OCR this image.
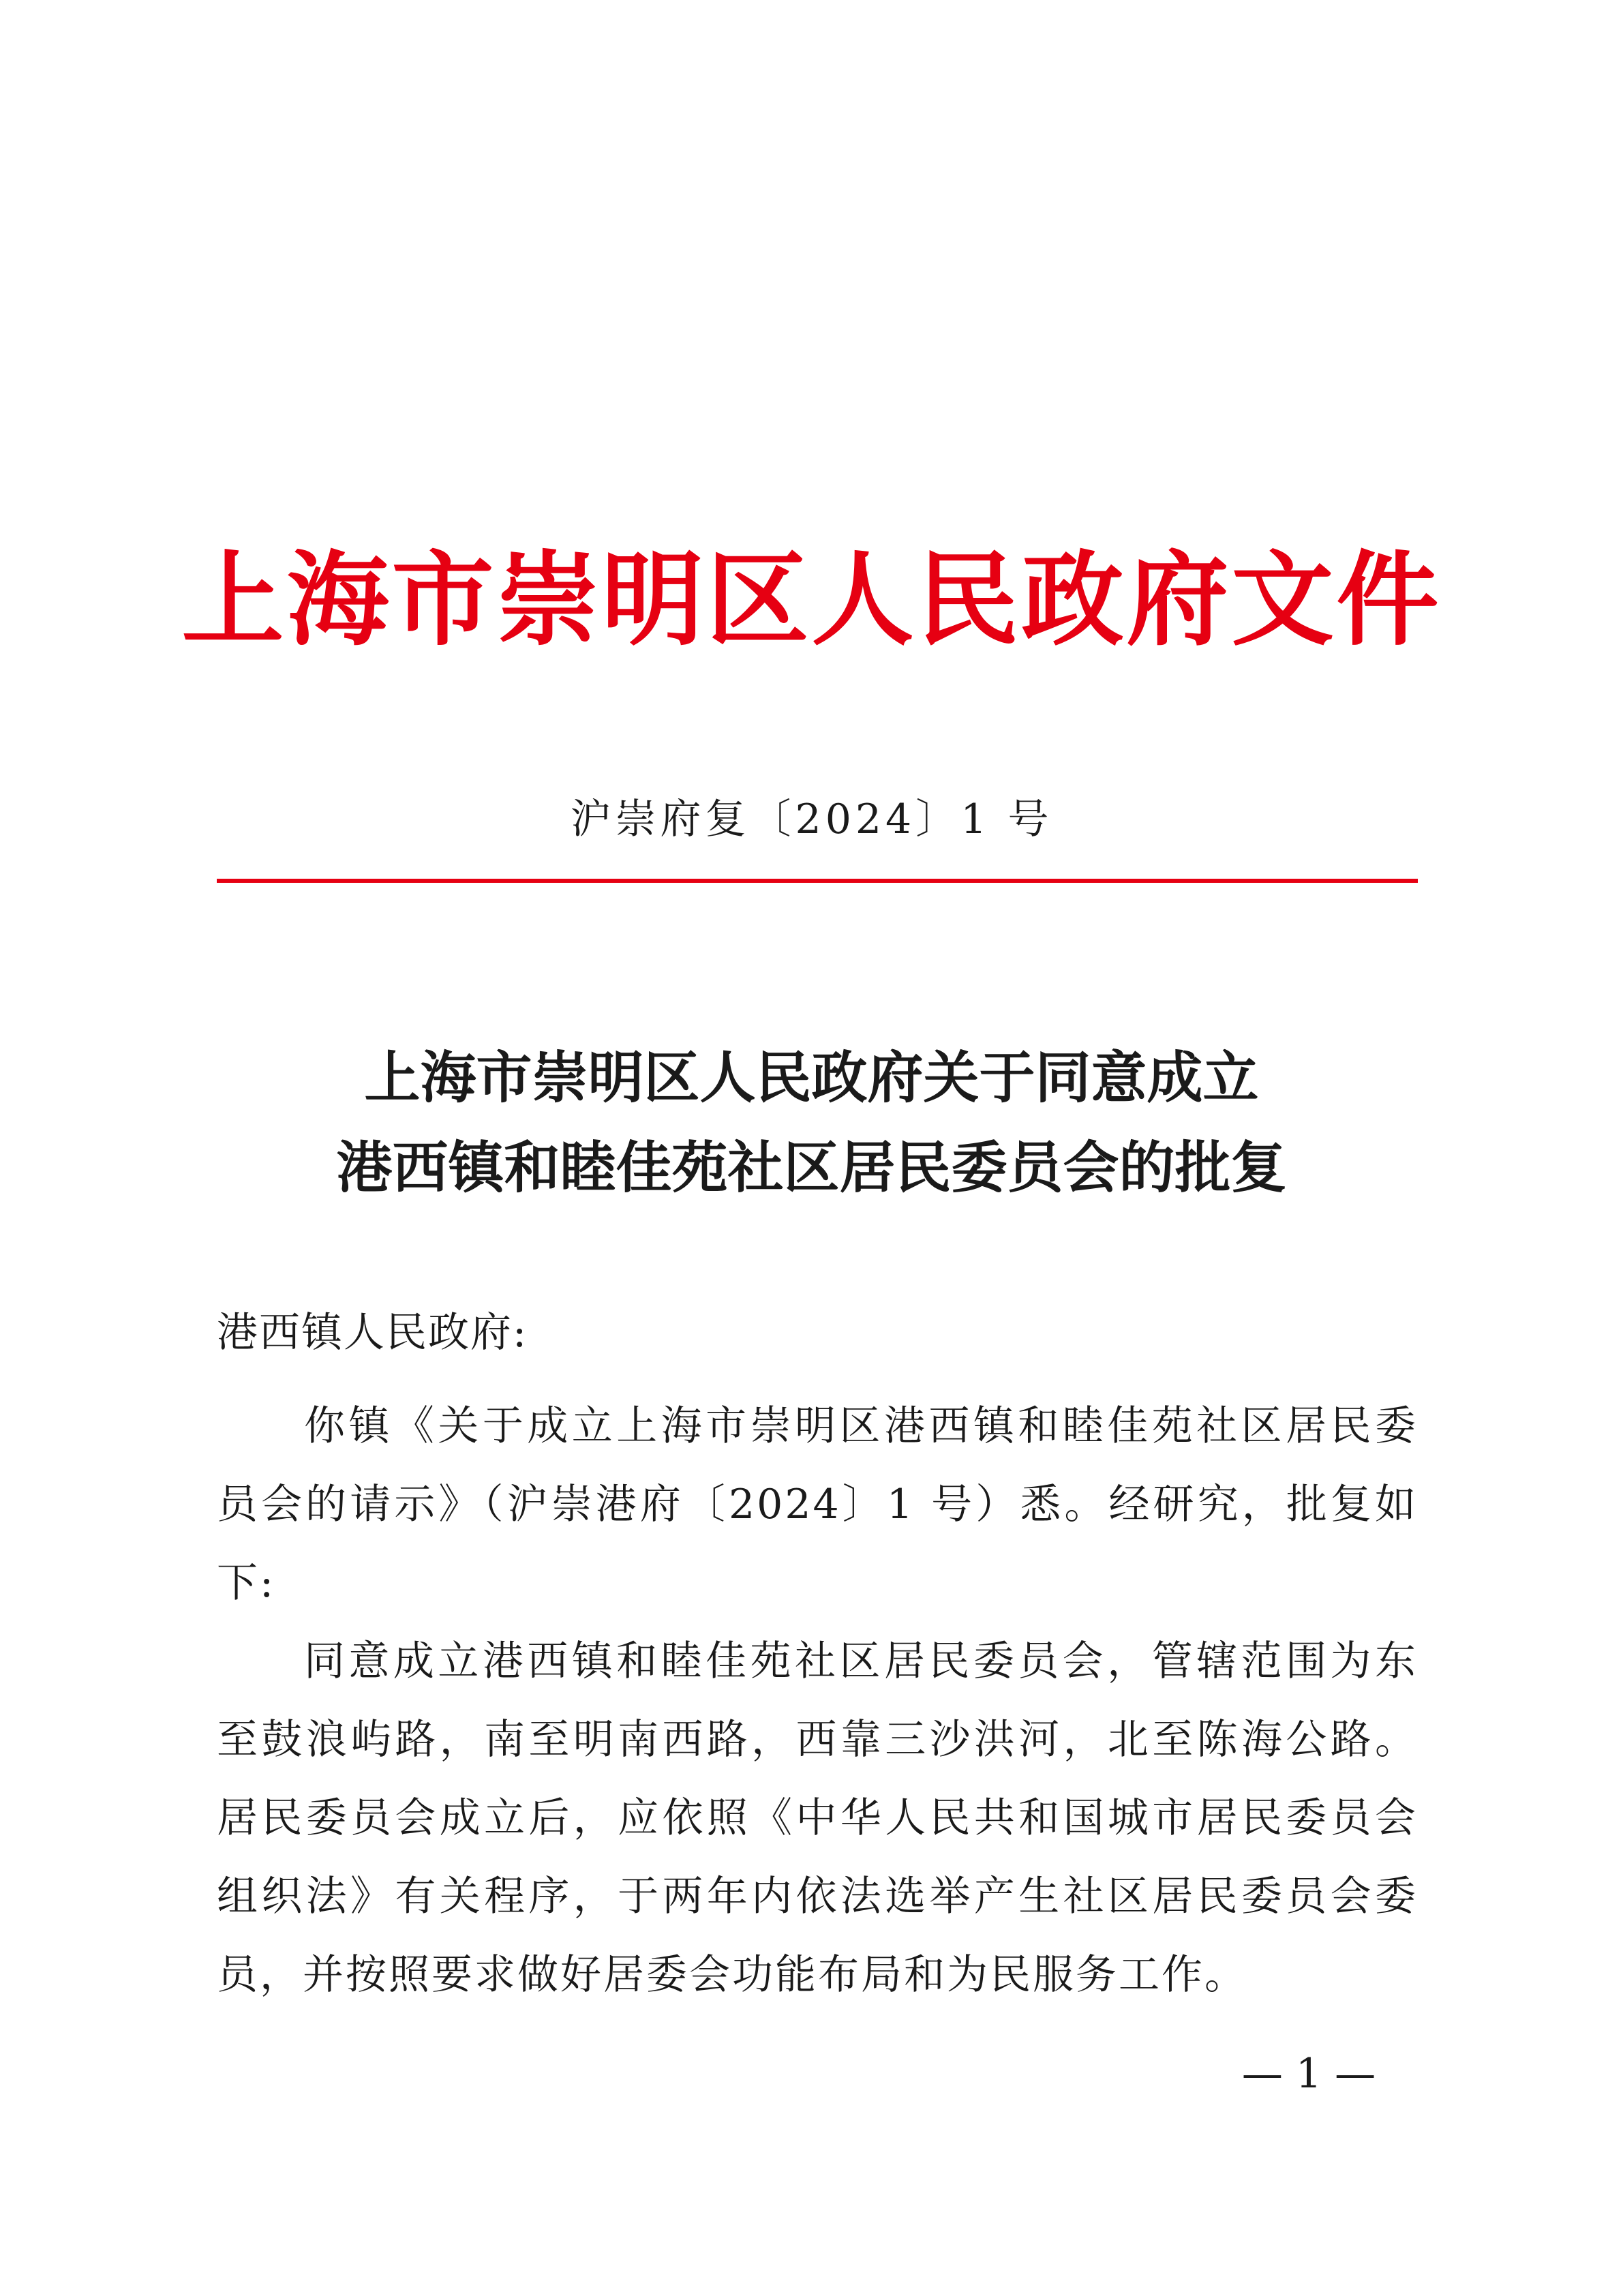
上海市崇明区人民政府文件
沪崇府复〔2024〕1 号
上海市崇明区人民政府关于同意成立
港西镇和睦佳苑社区居民委员会的批复
港西镇人民政府:

你镇《关于成立上海市崇明区港西镇和睦佳苑社区居民委员会的请示》（沪崇港府〔2024〕1 号）悉。经研究，批复如下:

同意成立港西镇和睦佳苑社区居民委员会，管辖范围为东至鼓浪屿路，南至明南西路，西靠三沙洪河，北至陈海公路。居民委员会成立后，应依照《中华人民共和国城市居民委员会组织法》有关程序，于两年内依法选举产生社区居民委员会委员，并按照要求做好居委会功能布局和为民服务工作。

— 1 —
